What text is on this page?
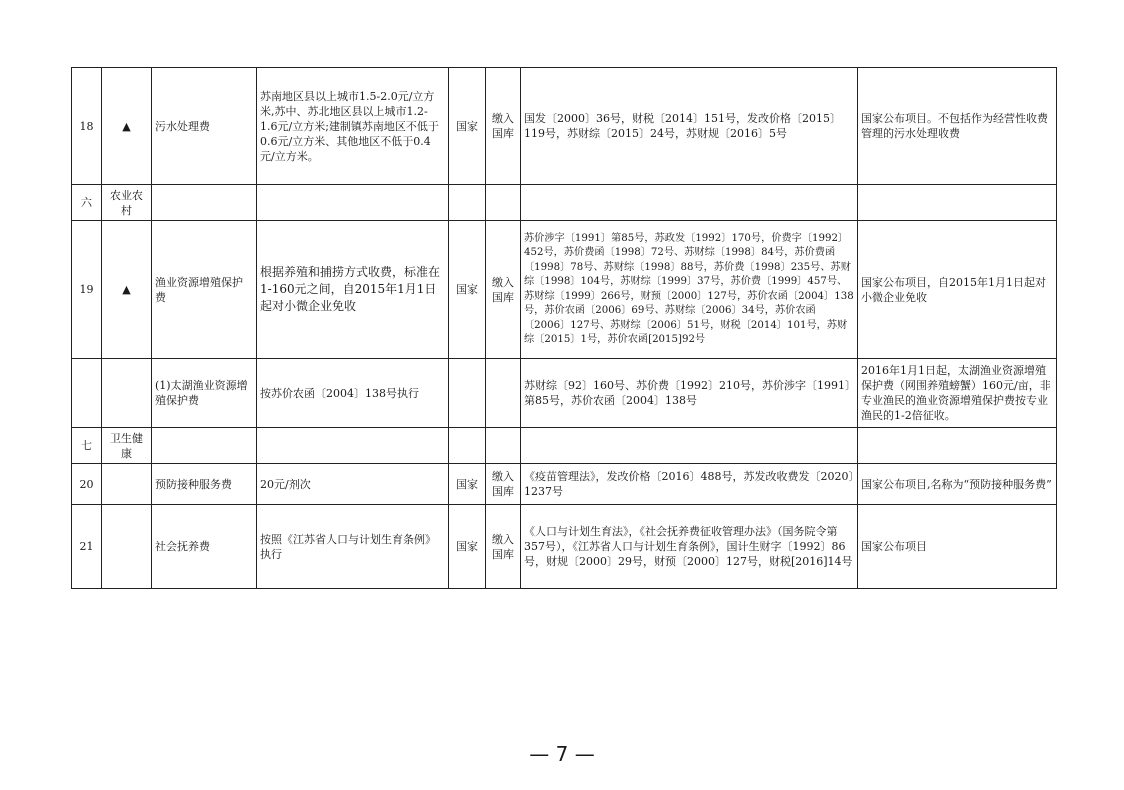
18	▲	污水处理费	苏南地区县以上城市1.5-2.0元/立方米,苏中、苏北地区县以上城市1.2-1.6元/立方米;建制镇苏南地区不低于0.6元/立方米、其他地区不低于0.4元/立方米。	国家	缴入国库	国发〔2000〕36号，财税〔2014〕151号，发改价格〔2015〕119号，苏财综〔2015〕24号，苏财规〔2016〕5号	国家公布项目。不包括作为经营性收费管理的污水处理收费
六	农业农村						
19	▲	渔业资源增殖保护费	根据养殖和捕捞方式收费，标准在1-160元之间，自2015年1月1日起对小微企业免收	国家	缴入国库	苏价涉字〔1991〕第85号，苏政发〔1992〕170号，价费字〔1992〕452号，苏价费函〔1998〕72号、苏财综〔1998〕84号，苏价费函〔1998〕78号、苏财综〔1998〕88号，苏价费〔1998〕235号、苏财综〔1998〕104号，苏财综〔1999〕37号，苏价费〔1999〕457号、苏财综〔1999〕266号，财预〔2000〕127号，苏价农函〔2004〕138号，苏价农函〔2006〕69号、苏财综〔2006〕34号，苏价农函〔2006〕127号、苏财综〔2006〕51号，财税〔2014〕101号，苏财综〔2015〕1号，苏价农函[2015]92号	国家公布项目，自2015年1月1日起对小微企业免收
		(1)太湖渔业资源增殖保护费	按苏价农函〔2004〕138号执行			苏财综〔92〕160号、苏价费〔1992〕210号，苏价涉字〔1991〕第85号，苏价农函〔2004〕138号	2016年1月1日起，太湖渔业资源增殖保护费（网围养殖螃蟹）160元/亩，非专业渔民的渔业资源增殖保护费按专业渔民的1-2倍征收。
七	卫生健康						
20		预防接种服务费	20元/剂次	国家	缴入国库	《疫苗管理法》，发改价格〔2016〕488号，苏发改收费发〔2020〕1237号	国家公布项目,名称为“预防接种服务费”
21		社会抚养费	按照《江苏省人口与计划生育条例》执行	国家	缴入国库	《人口与计划生育法》，《社会抚养费征收管理办法》（国务院令第357号），《江苏省人口与计划生育条例》，国计生财字〔1992〕86号，财规〔2000〕29号，财预〔2000〕127号，财税[2016]14号	国家公布项目
— 7 —
